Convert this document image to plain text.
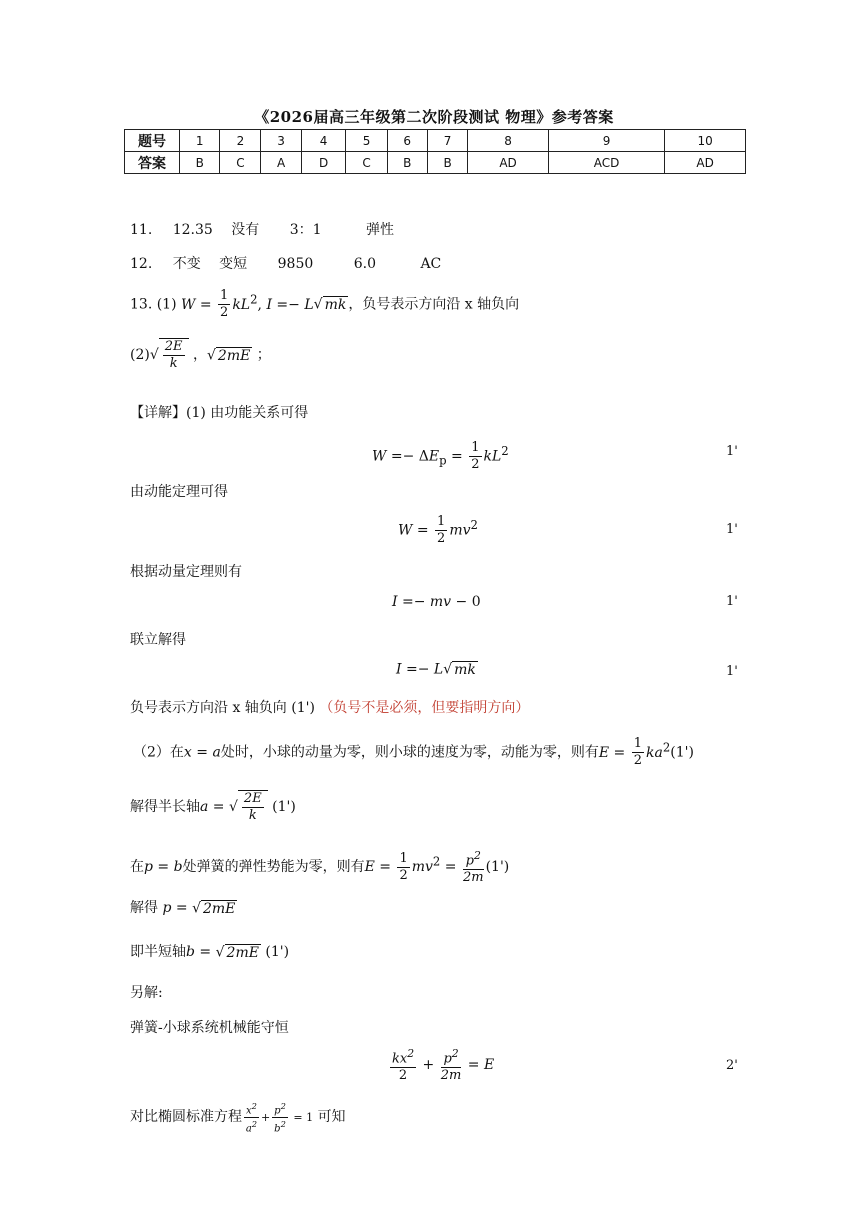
《2026届高三年级第二次阶段测试 物理》参考答案
题号	1	2	3	4	5	6	7	8	9	10
答案	B	C	A	D	C	B	B	AD	ACD	AD
11. 12.35 没有 3：1	弹性
12. 不变 变短 9850	6.0	AC
13. (1) $W = \frac{1}{2} kL^2$, I =− L√ mk ，负号表示方向沿 x 轴负向
$(2)√ \frac{2E}{k}$ ，√ 2mE ；
【详解】(1) 由功能关系可得
$W =- \Delta E_p = \frac{1}{2} kL^2$	1'
由动能定理可得
$W = \frac{1}{2} mv^2$	1'
根据动量定理则有
I =− mv − 0	1'
联立解得
I =− L√ mk	1'
负号表示方向沿 x 轴负向 (1') （负号不是必须，但要指明方向）
（2）在x = a处时，小球的动量为零，则小球的速度为零，动能为零，则有$E = \frac{1}{2} ka^2(1')$
解得半长轴a = √ $\frac{2E}{k} (1')$
在p = b处弹簧的弹性势能为零，则有$E = \frac{1}{2} mv^2 = \frac{p^2}{2m} (1')$
解得 p = √ 2mE
即半短轴b = √ 2mE (1')
另解:
弹簧-小球系统机械能守恒
$\frac{kx^2}{2} + \frac{p^2}{2m} = E$	2'
对比椭圆标准方程 $\frac{x^2}{a^2} + \frac{p^2}{b^2} = 1$ 可知
